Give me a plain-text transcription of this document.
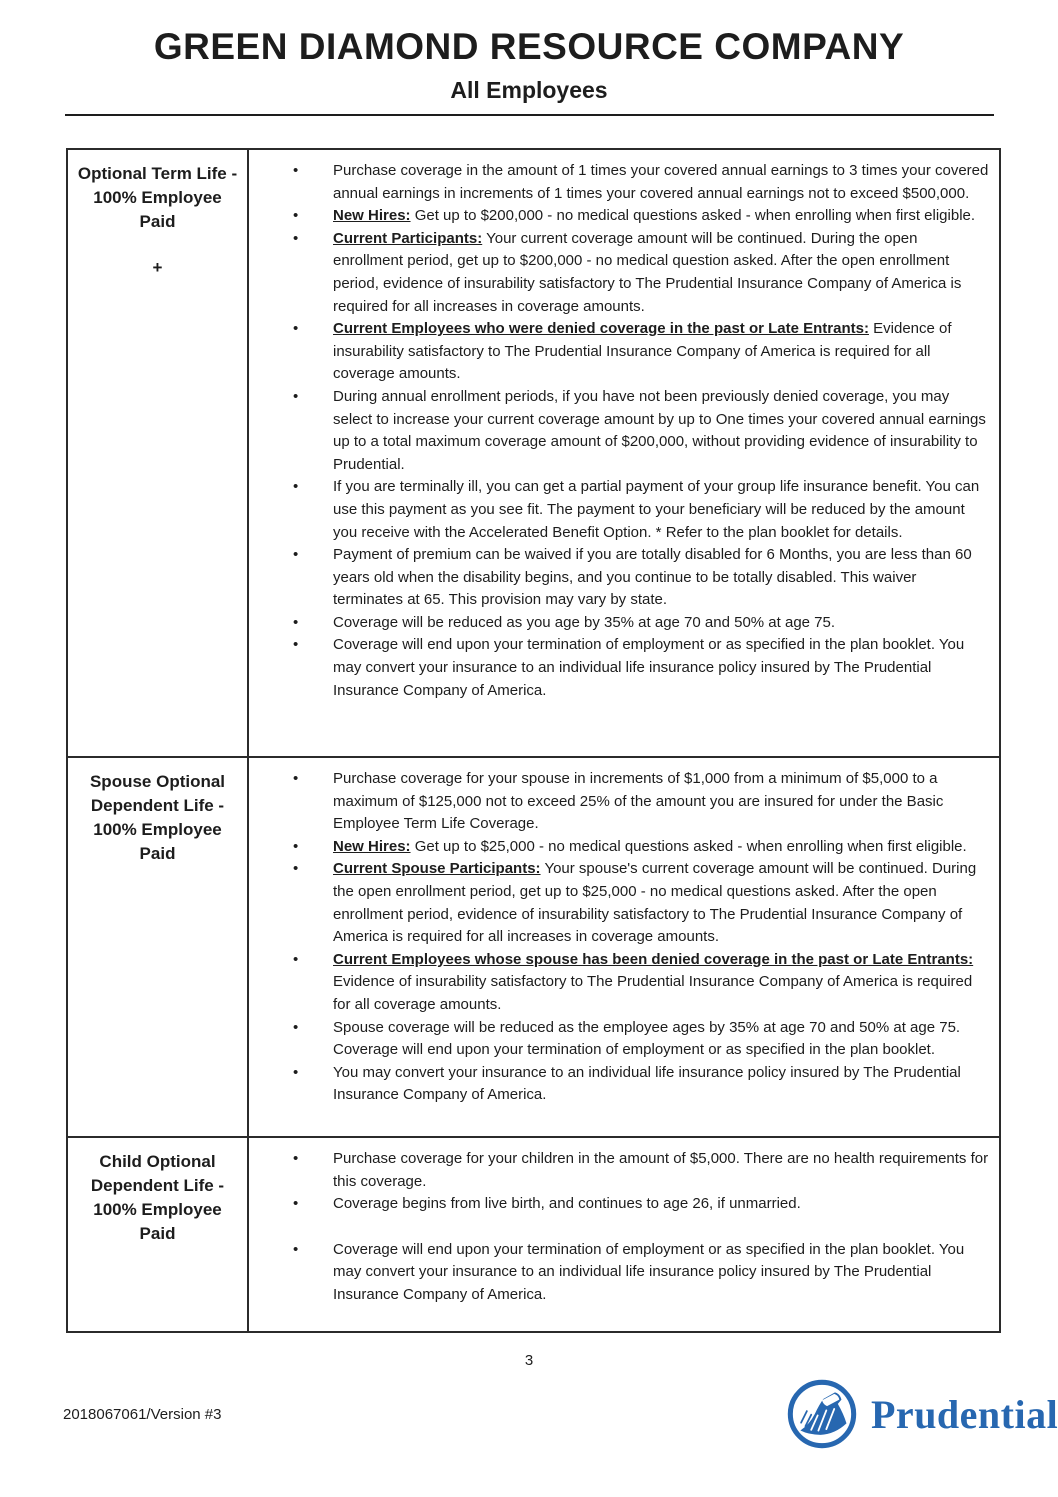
GREEN DIAMOND RESOURCE COMPANY
All Employees
Optional Term Life - 100% Employee Paid
+
•	Purchase coverage in the amount of 1 times your covered annual earnings to 3 times your covered annual earnings in increments of 1 times your covered annual earnings not to exceed $500,000.
•	New Hires: Get up to $200,000 - no medical questions asked - when enrolling when first eligible.
•	Current Participants: Your current coverage amount will be continued. During the open enrollment period, get up to $200,000 - no medical question asked. After the open enrollment period, evidence of insurability satisfactory to The Prudential Insurance Company of America is required for all increases in coverage amounts.
•	Current Employees who were denied coverage in the past or Late Entrants: Evidence of insurability satisfactory to The Prudential Insurance Company of America is required for all coverage amounts.
•	During annual enrollment periods, if you have not been previously denied coverage, you may select to increase your current coverage amount by up to One times your covered annual earnings up to a total maximum coverage amount of $200,000, without providing evidence of insurability to Prudential.
•	If you are terminally ill, you can get a partial payment of your group life insurance benefit. You can use this payment as you see fit. The payment to your beneficiary will be reduced by the amount you receive with the Accelerated Benefit Option. * Refer to the plan booklet for details.
•	Payment of premium can be waived if you are totally disabled for 6 Months, you are less than 60 years old when the disability begins, and you continue to be totally disabled. This waiver terminates at 65. This provision may vary by state.
•	Coverage will be reduced as you age by 35% at age 70 and 50% at age 75.
•	Coverage will end upon your termination of employment or as specified in the plan booklet. You may convert your insurance to an individual life insurance policy insured by The Prudential Insurance Company of America.
Spouse Optional Dependent Life - 100% Employee Paid
•	Purchase coverage for your spouse in increments of $1,000 from a minimum of $5,000 to a maximum of $125,000 not to exceed 25% of the amount you are insured for under the Basic Employee Term Life Coverage.
•	New Hires: Get up to $25,000 - no medical questions asked - when enrolling when first eligible.
•	Current Spouse Participants: Your spouse's current coverage amount will be continued. During the open enrollment period, get up to $25,000 - no medical questions asked. After the open enrollment period, evidence of insurability satisfactory to The Prudential Insurance Company of America is required for all increases in coverage amounts.
•	Current Employees whose spouse has been denied coverage in the past or Late Entrants: Evidence of insurability satisfactory to The Prudential Insurance Company of America is required for all coverage amounts.
•	Spouse coverage will be reduced as the employee ages by 35% at age 70 and 50% at age 75. Coverage will end upon your termination of employment or as specified in the plan booklet.
•	You may convert your insurance to an individual life insurance policy insured by The Prudential Insurance Company of America.
Child Optional Dependent Life - 100% Employee Paid
•	Purchase coverage for your children in the amount of $5,000. There are no health requirements for this coverage.
•	Coverage begins from live birth, and continues to age 26, if unmarried.
•	Coverage will end upon your termination of employment or as specified in the plan booklet. You may convert your insurance to an individual life insurance policy insured by The Prudential Insurance Company of America.
3
2018067061/Version #3	Prudential
